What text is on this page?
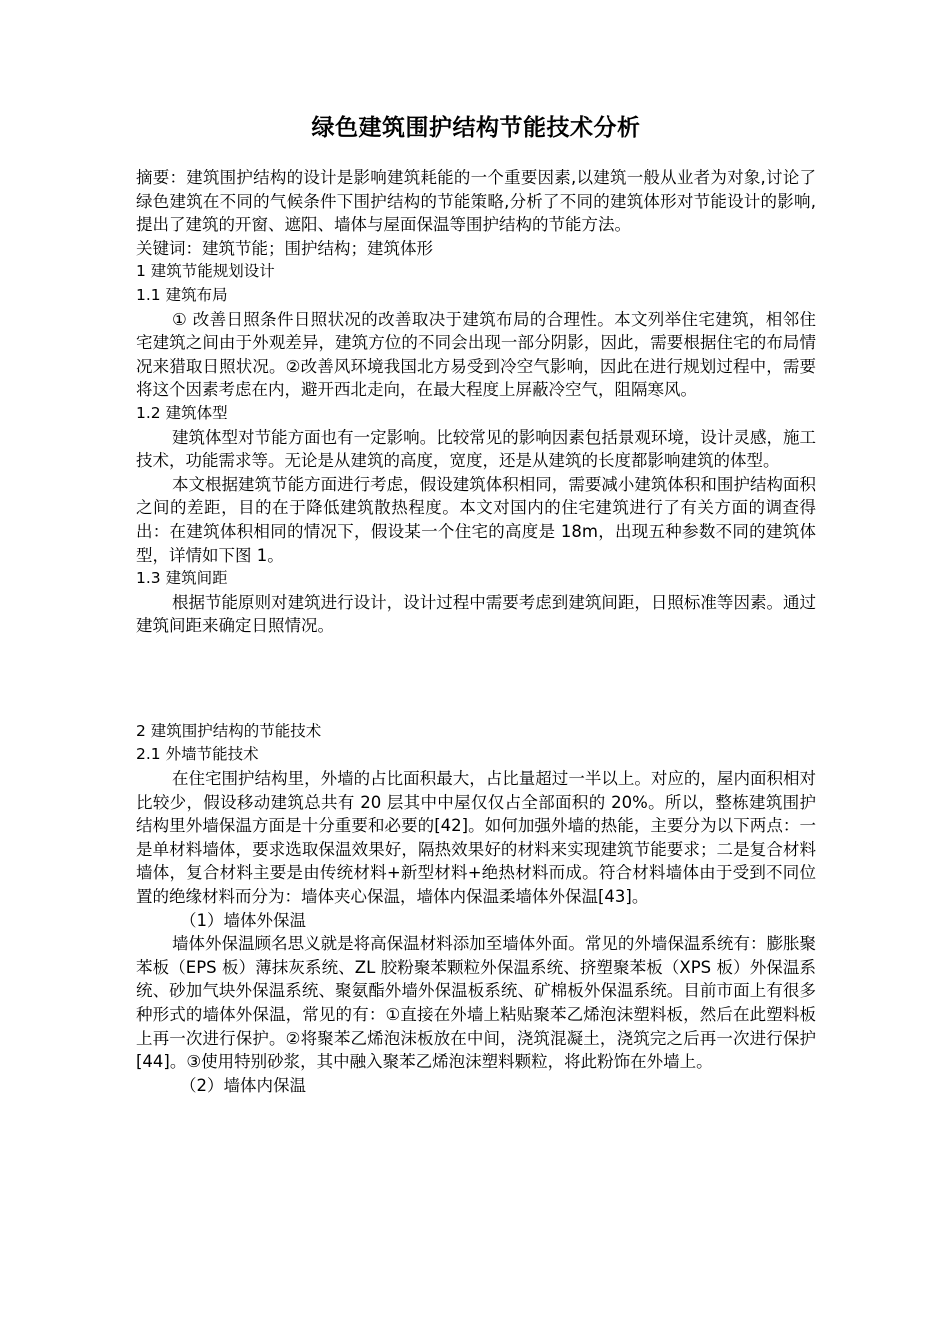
绿色建筑围护结构节能技术分析

摘要：建筑围护结构的设计是影响建筑耗能的一个重要因素,以建筑一般从业者为对象,讨论了绿色建筑在不同的气候条件下围护结构的节能策略,分析了不同的建筑体形对节能设计的影响,提出了建筑的开窗、遮阳、墙体与屋面保温等围护结构的节能方法。

关键词：建筑节能；围护结构；建筑体形

1 建筑节能规划设计

1.1 建筑布局

① 改善日照条件日照状况的改善取决于建筑布局的合理性。本文列举住宅建筑，相邻住宅建筑之间由于外观差异，建筑方位的不同会出现一部分阴影，因此，需要根据住宅的布局情况来猎取日照状况。②改善风环境我国北方易受到冷空气影响，因此在进行规划过程中，需要将这个因素考虑在内，避开西北走向，在最大程度上屏蔽冷空气，阻隔寒风。

1.2 建筑体型

建筑体型对节能方面也有一定影响。比较常见的影响因素包括景观环境，设计灵感，施工技术，功能需求等。无论是从建筑的高度，宽度，还是从建筑的长度都影响建筑的体型。

本文根据建筑节能方面进行考虑，假设建筑体积相同，需要减小建筑体积和围护结构面积之间的差距，目的在于降低建筑散热程度。本文对国内的住宅建筑进行了有关方面的调查得出：在建筑体积相同的情况下，假设某一个住宅的高度是 18m，出现五种参数不同的建筑体型，详情如下图 1。

1.3 建筑间距

根据节能原则对建筑进行设计，设计过程中需要考虑到建筑间距，日照标准等因素。通过建筑间距来确定日照情况。

2 建筑围护结构的节能技术

2.1 外墙节能技术

在住宅围护结构里，外墙的占比面积最大，占比量超过一半以上。对应的，屋内面积相对比较少，假设移动建筑总共有 20 层其中中屋仅仅占全部面积的 20%。所以，整栋建筑围护结构里外墙保温方面是十分重要和必要的[42]。如何加强外墙的热能，主要分为以下两点：一是单材料墙体，要求选取保温效果好，隔热效果好的材料来实现建筑节能要求；二是复合材料墙体，复合材料主要是由传统材料+新型材料+绝热材料而成。符合材料墙体由于受到不同位置的绝缘材料而分为：墙体夹心保温，墙体内保温柔墙体外保温[43]。

（1）墙体外保温

墙体外保温顾名思义就是将高保温材料添加至墙体外面。常见的外墙保温系统有：膨胀聚苯板（EPS 板）薄抹灰系统、ZL 胶粉聚苯颗粒外保温系统、挤塑聚苯板（XPS 板）外保温系统、砂加气块外保温系统、聚氨酯外墙外保温板系统、矿棉板外保温系统。目前市面上有很多种形式的墙体外保温，常见的有：①直接在外墙上粘贴聚苯乙烯泡沫塑料板，然后在此塑料板上再一次进行保护。②将聚苯乙烯泡沫板放在中间，浇筑混凝土，浇筑完之后再一次进行保护[44]。③使用特别砂浆，其中融入聚苯乙烯泡沫塑料颗粒，将此粉饰在外墙上。

（2）墙体内保温
